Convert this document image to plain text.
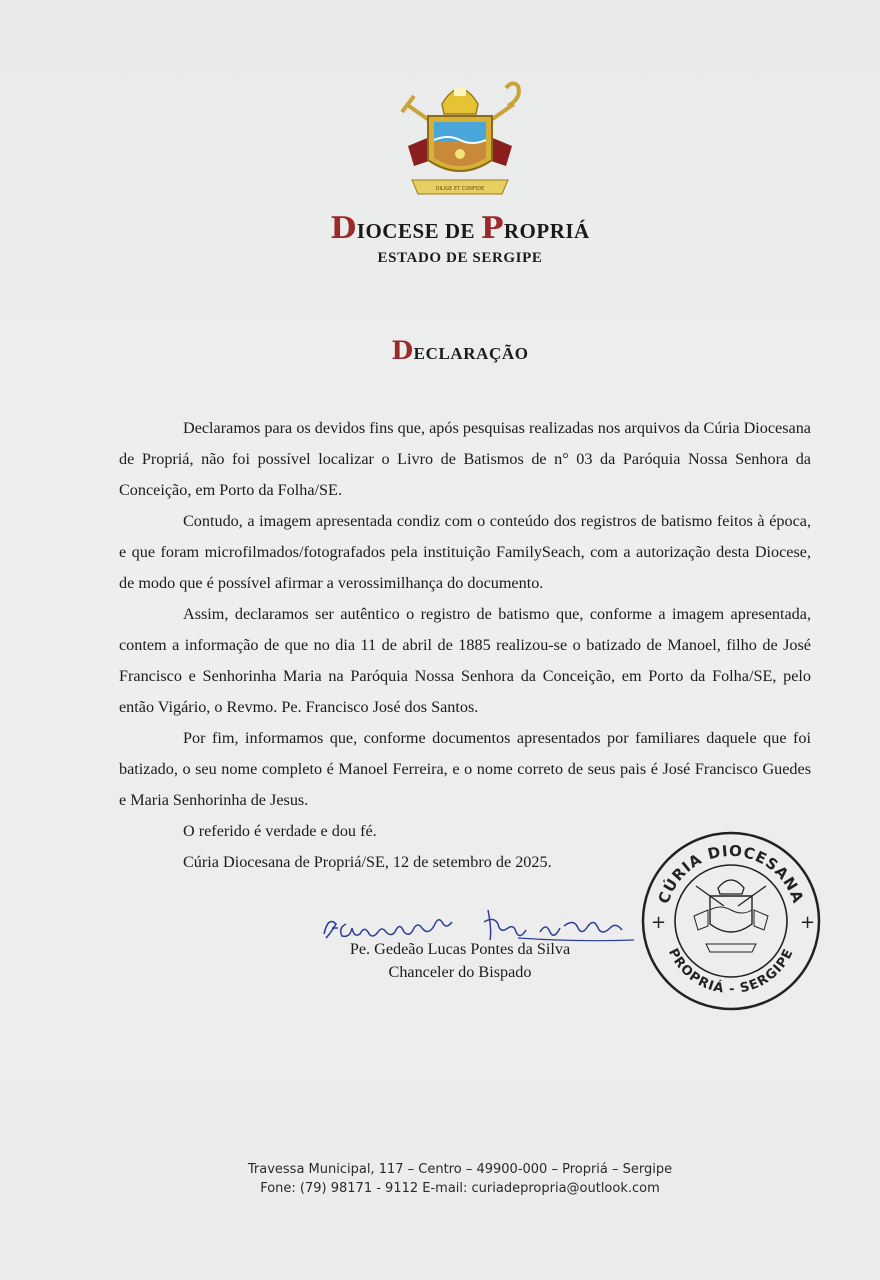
DILIGE ET CONFIDE
DIOCESE DE PROPRIÁ
ESTADO DE SERGIPE
DECLARAÇÃO

Declaramos para os devidos fins que, após pesquisas realizadas nos arquivos da Cúria Diocesana de Propriá, não foi possível localizar o Livro de Batismos de n° 03 da Paróquia Nossa Senhora da Conceição, em Porto da Folha/SE.

Contudo, a imagem apresentada condiz com o conteúdo dos registros de batismo feitos à época, e que foram microfilmados/fotografados pela instituição FamilySeach, com a autorização desta Diocese, de modo que é possível afirmar a verossimilhança do documento.

Assim, declaramos ser autêntico o registro de batismo que, conforme a imagem apresentada, contem a informação de que no dia 11 de abril de 1885 realizou-se o batizado de Manoel, filho de José Francisco e Senhorinha Maria na Paróquia Nossa Senhora da Conceição, em Porto da Folha/SE, pelo então Vigário, o Revmo. Pe. Francisco José dos Santos.

Por fim, informamos que, conforme documentos apresentados por familiares daquele que foi batizado, o seu nome completo é Manoel Ferreira, e o nome correto de seus pais é José Francisco Guedes e Maria Senhorinha de Jesus.

O referido é verdade e dou fé.

Cúria Diocesana de Propriá/SE, 12 de setembro de 2025.

Pe. Gedeão Lucas Pontes da Silva
Chanceler do Bispado
CÚRIA DIOCESANA
PROPRIÁ - SERGIPE
+	+
Travessa Municipal, 117 – Centro – 49900-000 – Propriá – Sergipe
Fone: (79) 98171 - 9112 E-mail: curiadepropria@outlook.com
